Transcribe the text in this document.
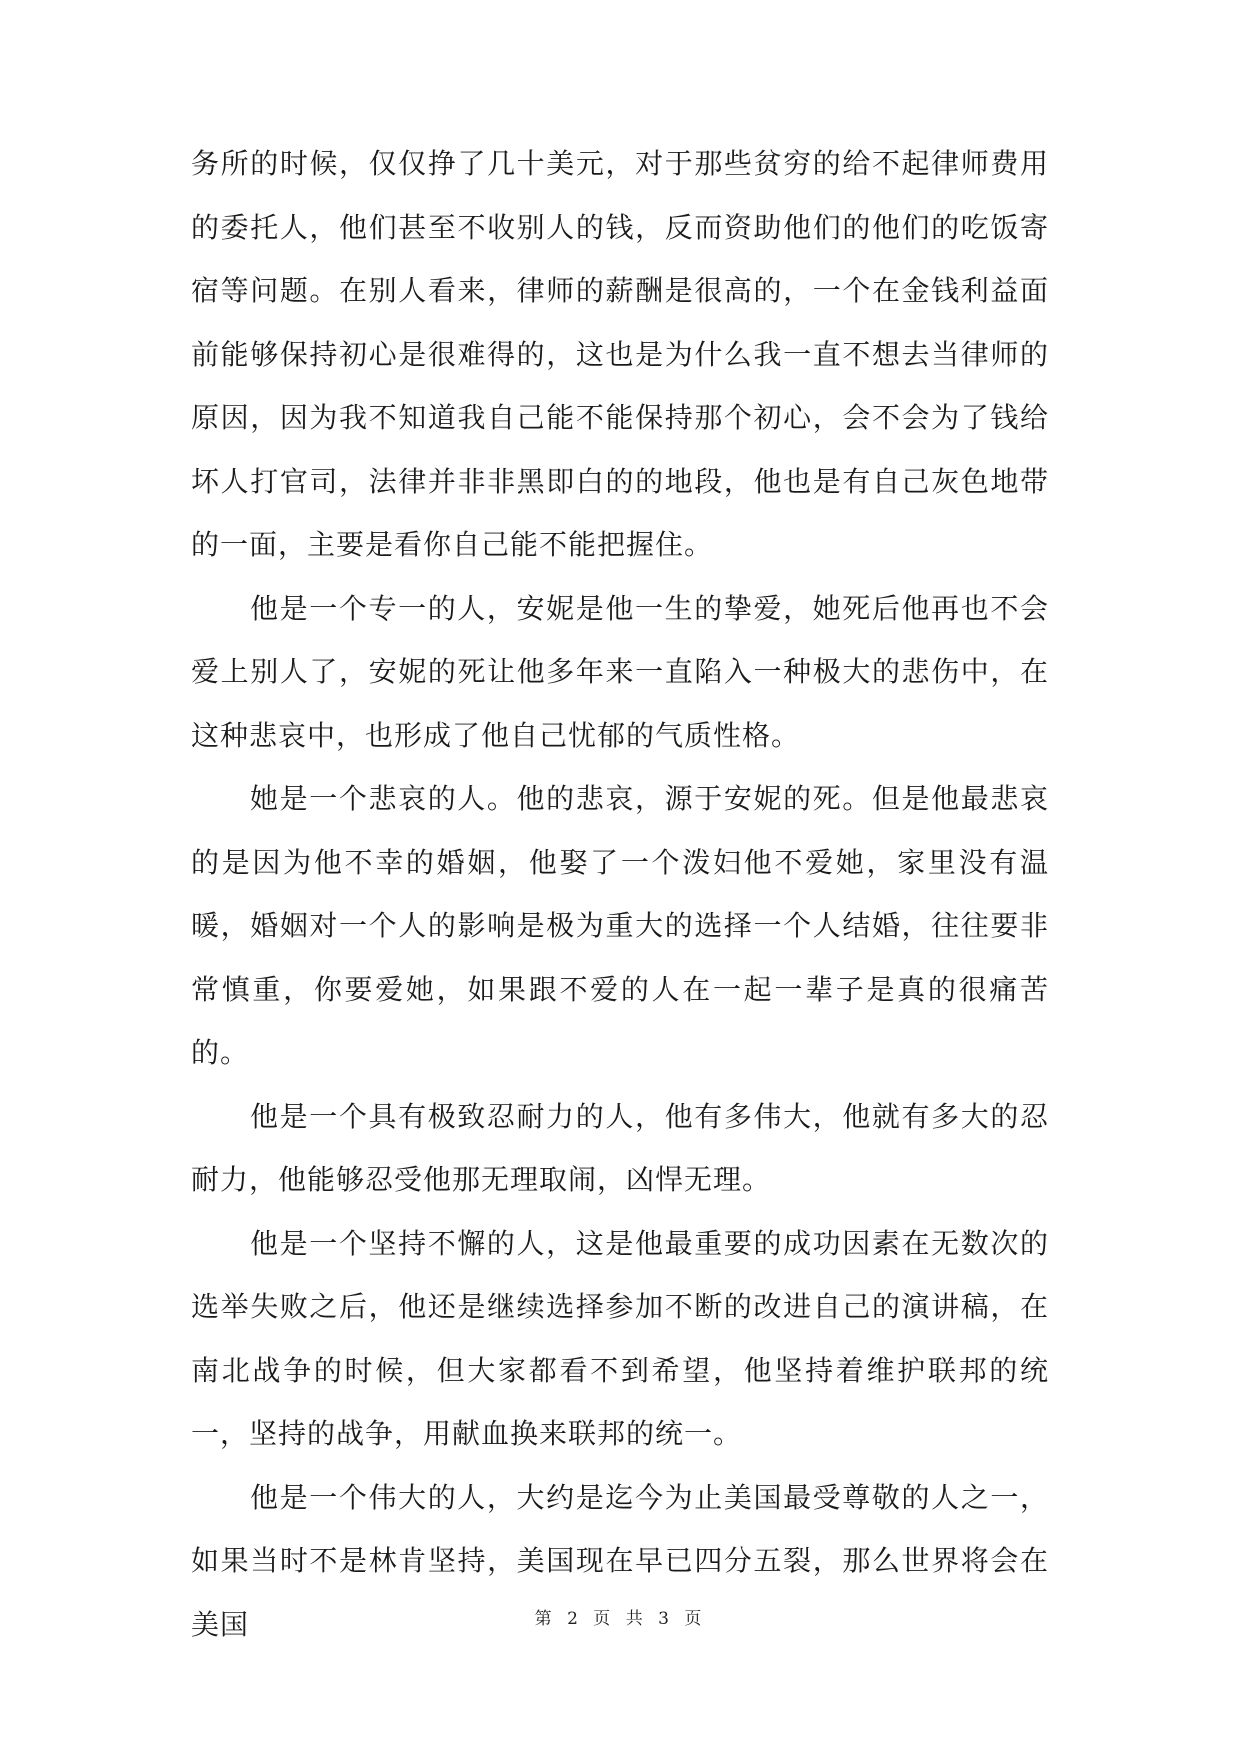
务所的时候，仅仅挣了几十美元，对于那些贫穷的给不起律师费用的委托人，他们甚至不收别人的钱，反而资助他们的他们的吃饭寄宿等问题。在别人看来，律师的薪酬是很高的，一个在金钱利益面前能够保持初心是很难得的，这也是为什么我一直不想去当律师的原因，因为我不知道我自己能不能保持那个初心，会不会为了钱给坏人打官司，法律并非非黑即白的的地段，他也是有自己灰色地带的一面，主要是看你自己能不能把握住。

他是一个专一的人，安妮是他一生的挚爱，她死后他再也不会爱上别人了，安妮的死让他多年来一直陷入一种极大的悲伤中，在这种悲哀中，也形成了他自己忧郁的气质性格。

她是一个悲哀的人。他的悲哀，源于安妮的死。但是他最悲哀的是因为他不幸的婚姻，他娶了一个泼妇他不爱她，家里没有温暖，婚姻对一个人的影响是极为重大的选择一个人结婚，往往要非常慎重，你要爱她，如果跟不爱的人在一起一辈子是真的很痛苦的。

他是一个具有极致忍耐力的人，他有多伟大，他就有多大的忍耐力，他能够忍受他那无理取闹，凶悍无理。

他是一个坚持不懈的人，这是他最重要的成功因素在无数次的选举失败之后，他还是继续选择参加不断的改进自己的演讲稿，在南北战争的时候，但大家都看不到希望，他坚持着维护联邦的统一，坚持的战争，用献血换来联邦的统一。

他是一个伟大的人，大约是迄今为止美国最受尊敬的人之一，如果当时不是林肯坚持，美国现在早已四分五裂，那么世界将会在美国	第 2 页 共 3 页
